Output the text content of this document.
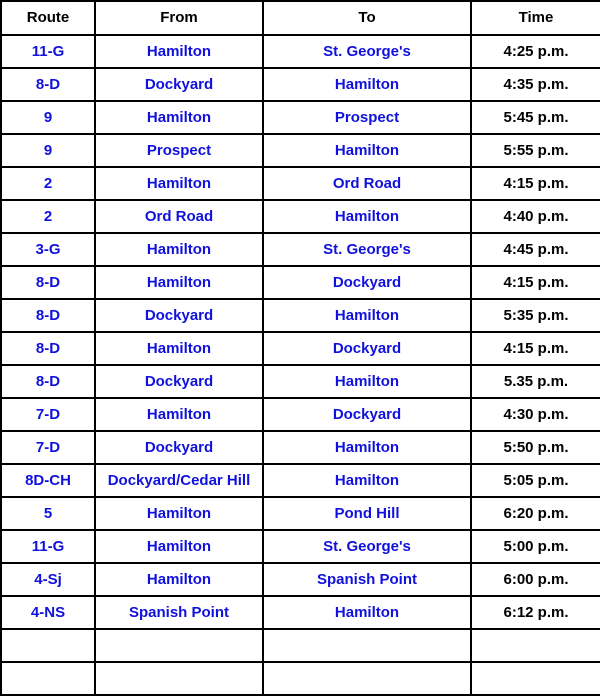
Route	From	To	Time
11-G	Hamilton	St. George's	4:25 p.m.
8-D	Dockyard	Hamilton	4:35 p.m.
9	Hamilton	Prospect	5:45 p.m.
9	Prospect	Hamilton	5:55 p.m.
2	Hamilton	Ord Road	4:15 p.m.
2	Ord Road	Hamilton	4:40 p.m.
3-G	Hamilton	St. George's	4:45 p.m.
8-D	Hamilton	Dockyard	4:15 p.m.
8-D	Dockyard	Hamilton	5:35 p.m.
8-D	Hamilton	Dockyard	4:15 p.m.
8-D	Dockyard	Hamilton	5.35 p.m.
7-D	Hamilton	Dockyard	4:30 p.m.
7-D	Dockyard	Hamilton	5:50 p.m.
8D-CH	Dockyard/Cedar Hill	Hamilton	5:05 p.m.
5	Hamilton	Pond Hill	6:20 p.m.
11-G	Hamilton	St. George's	5:00 p.m.
4-Sj	Hamilton	Spanish Point	6:00 p.m.
4-NS	Spanish Point	Hamilton	6:12 p.m.
